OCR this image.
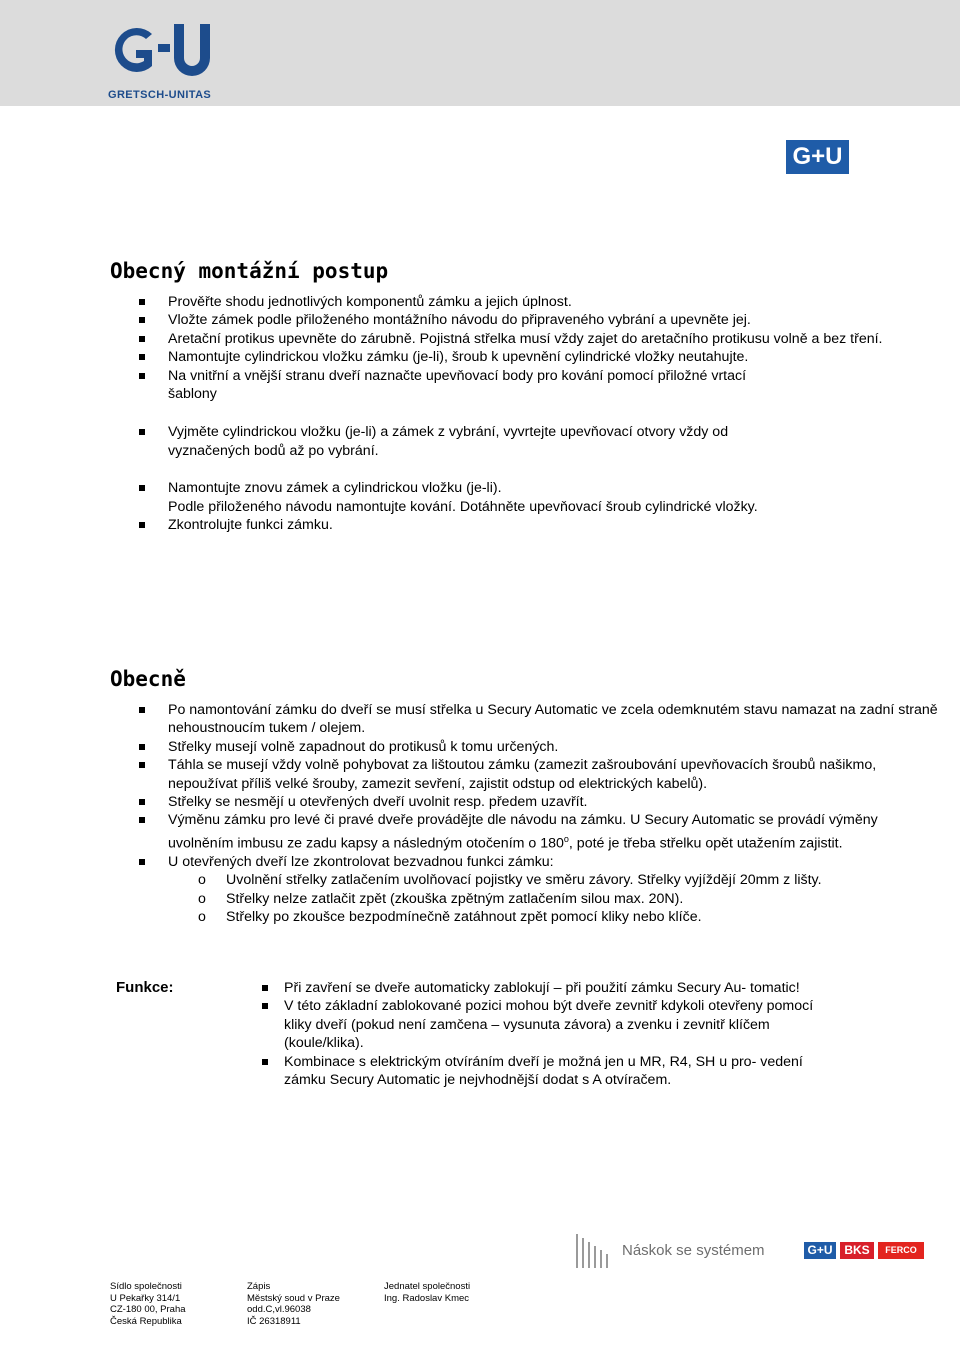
GRETSCH-UNITAS
G+U
Obecný montážní postup
Prověřte shodu jednotlivých komponentů zámku a jejich úplnost.
Vložte zámek podle přiloženého montážního návodu do připraveného vybrání a upevněte jej.
Aretační protikus upevněte do zárubně. Pojistná střelka musí vždy zajet do aretačního protikusu volně a bez tření.
Namontujte cylindrickou vložku zámku (je-li), šroub k upevnění cylindrické vložky neutahujte.
Na vnitřní a vnější stranu dveří naznačte upevňovací body pro kování pomocí přiložné vrtací šablony
Vyjměte cylindrickou vložku (je-li) a zámek z vybrání, vyvrtejte upevňovací otvory vždy od vyznačených bodů až po vybrání.
Namontujte znovu zámek a cylindrickou vložku (je-li).
Podle přiloženého návodu namontujte kování. Dotáhněte upevňovací šroub cylindrické vložky.
Zkontrolujte funkci zámku.
Obecně
Po namontování zámku do dveří se musí střelka u Secury Automatic ve zcela odemknutém stavu namazat na zadní straně nehoustnoucím tukem / olejem.
Střelky musejí volně zapadnout do protikusů k tomu určených.
Táhla se musejí vždy volně pohybovat za lištoutou zámku (zamezit zašroubování upevňovacích šroubů našikmo, nepoužívat příliš velké šrouby, zamezit sevření, zajistit odstup od elektrických kabelů).
Střelky se nesmějí u otevřených dveří uvolnit resp. předem uzavřít.
Výměnu zámku pro levé či pravé dveře provádějte dle návodu na zámku. U Secury Automatic se provádí výměny uvolněním imbusu ze zadu kapsy a následným otočením o 180$^o$, poté je třeba střelku opět utažením zajistit.
U otevřených dveří lze zkontrolovat bezvadnou funkci zámku:
o Uvolnění střelky zatlačením uvolňovací pojistky ve směru závory. Střelky vyjíždějí 20mm z lišty.
o Střelky nelze zatlačit zpět (zkouška zpětným zatlačením silou max. 20N).
o Střelky po zkoušce bezpodmínečně zatáhnout zpět pomocí kliky nebo klíče.
Funkce:	Při zavření se dveře automaticky zablokují – při použití zámku Secury Au- tomatic!
V této základní zablokované pozici mohou být dveře zevnitř kdykoli otevřeny pomocí kliky dveří (pokud není zamčena – vysunuta závora) a zvenku i zevnitř klíčem (koule/klika).
Kombinace s elektrickým otvíráním dveří je možná jen u MR, R4, SH u pro- vedení zámku Secury Automatic je nejvhodnější dodat s A otvíračem.
Náskok se systémem	G+U BKS	FERCO
Sídlo společnosti
U Pekařky 314/1
CZ-180 00, Praha
Česká Republika
Zápis
Městský soud v Praze
odd.C,vl.96038
IČ 26318911
Jednatel společnosti
Ing. Radoslav Kmec
